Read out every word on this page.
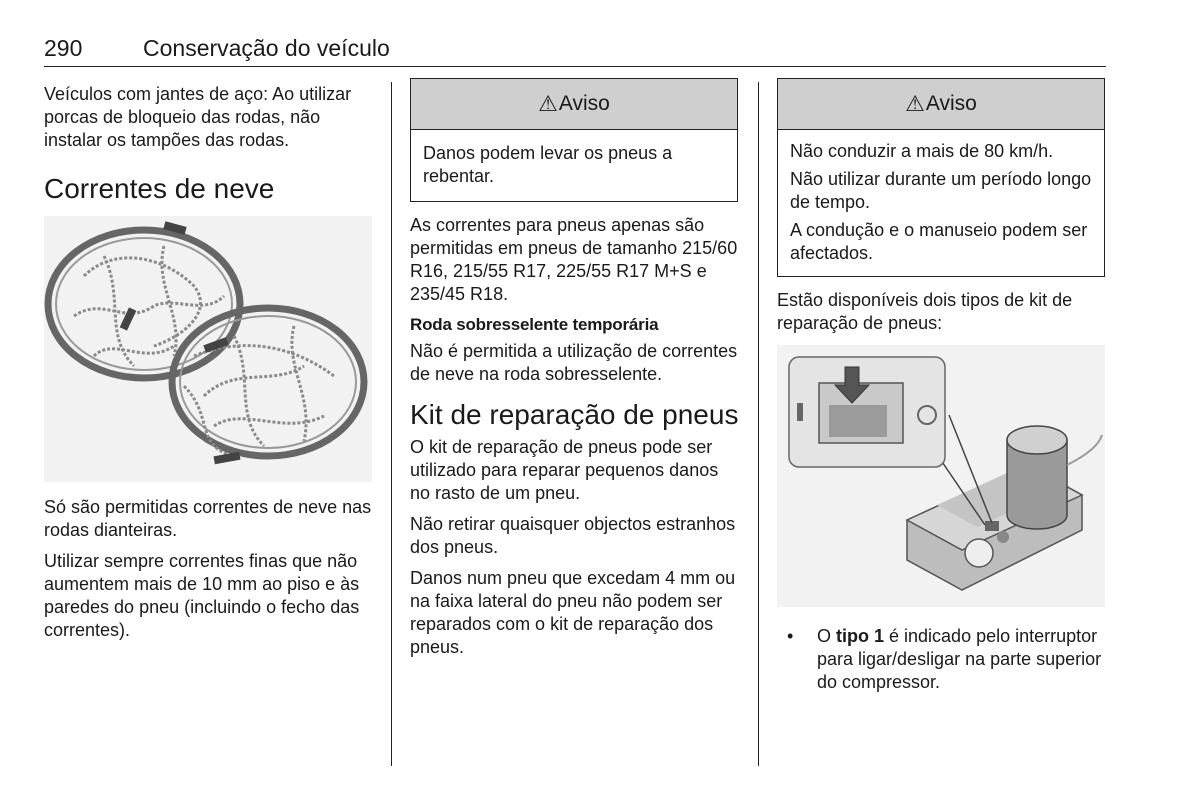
290	Conservação do veículo

Veículos com jantes de aço: Ao utilizar porcas de bloqueio das rodas, não instalar os tampões das rodas.

Correntes de neve

Só são permitidas correntes de neve nas rodas dianteiras.

Utilizar sempre correntes finas que não aumentem mais de 10 mm ao piso e às paredes do pneu (incluindo o fecho das correntes).

⚠ Aviso

Danos podem levar os pneus a rebentar.

As correntes para pneus apenas são permitidas em pneus de tamanho 215/60 R16, 215/55 R17, 225/55 R17 M+S e 235/45 R18.

Roda sobresselente temporária

Não é permitida a utilização de correntes de neve na roda sobresselente.

Kit de reparação de pneus

O kit de reparação de pneus pode ser utilizado para reparar pequenos danos no rasto de um pneu.

Não retirar quaisquer objectos estranhos dos pneus.

Danos num pneu que excedam 4 mm ou na faixa lateral do pneu não podem ser reparados com o kit de reparação dos pneus.

⚠ Aviso

Não conduzir a mais de 80 km/h.

Não utilizar durante um período longo de tempo.

A condução e o manuseio podem ser afectados.

Estão disponíveis dois tipos de kit de reparação de pneus:

• O tipo 1 é indicado pelo interruptor para ligar/desligar na parte superior do compressor.
